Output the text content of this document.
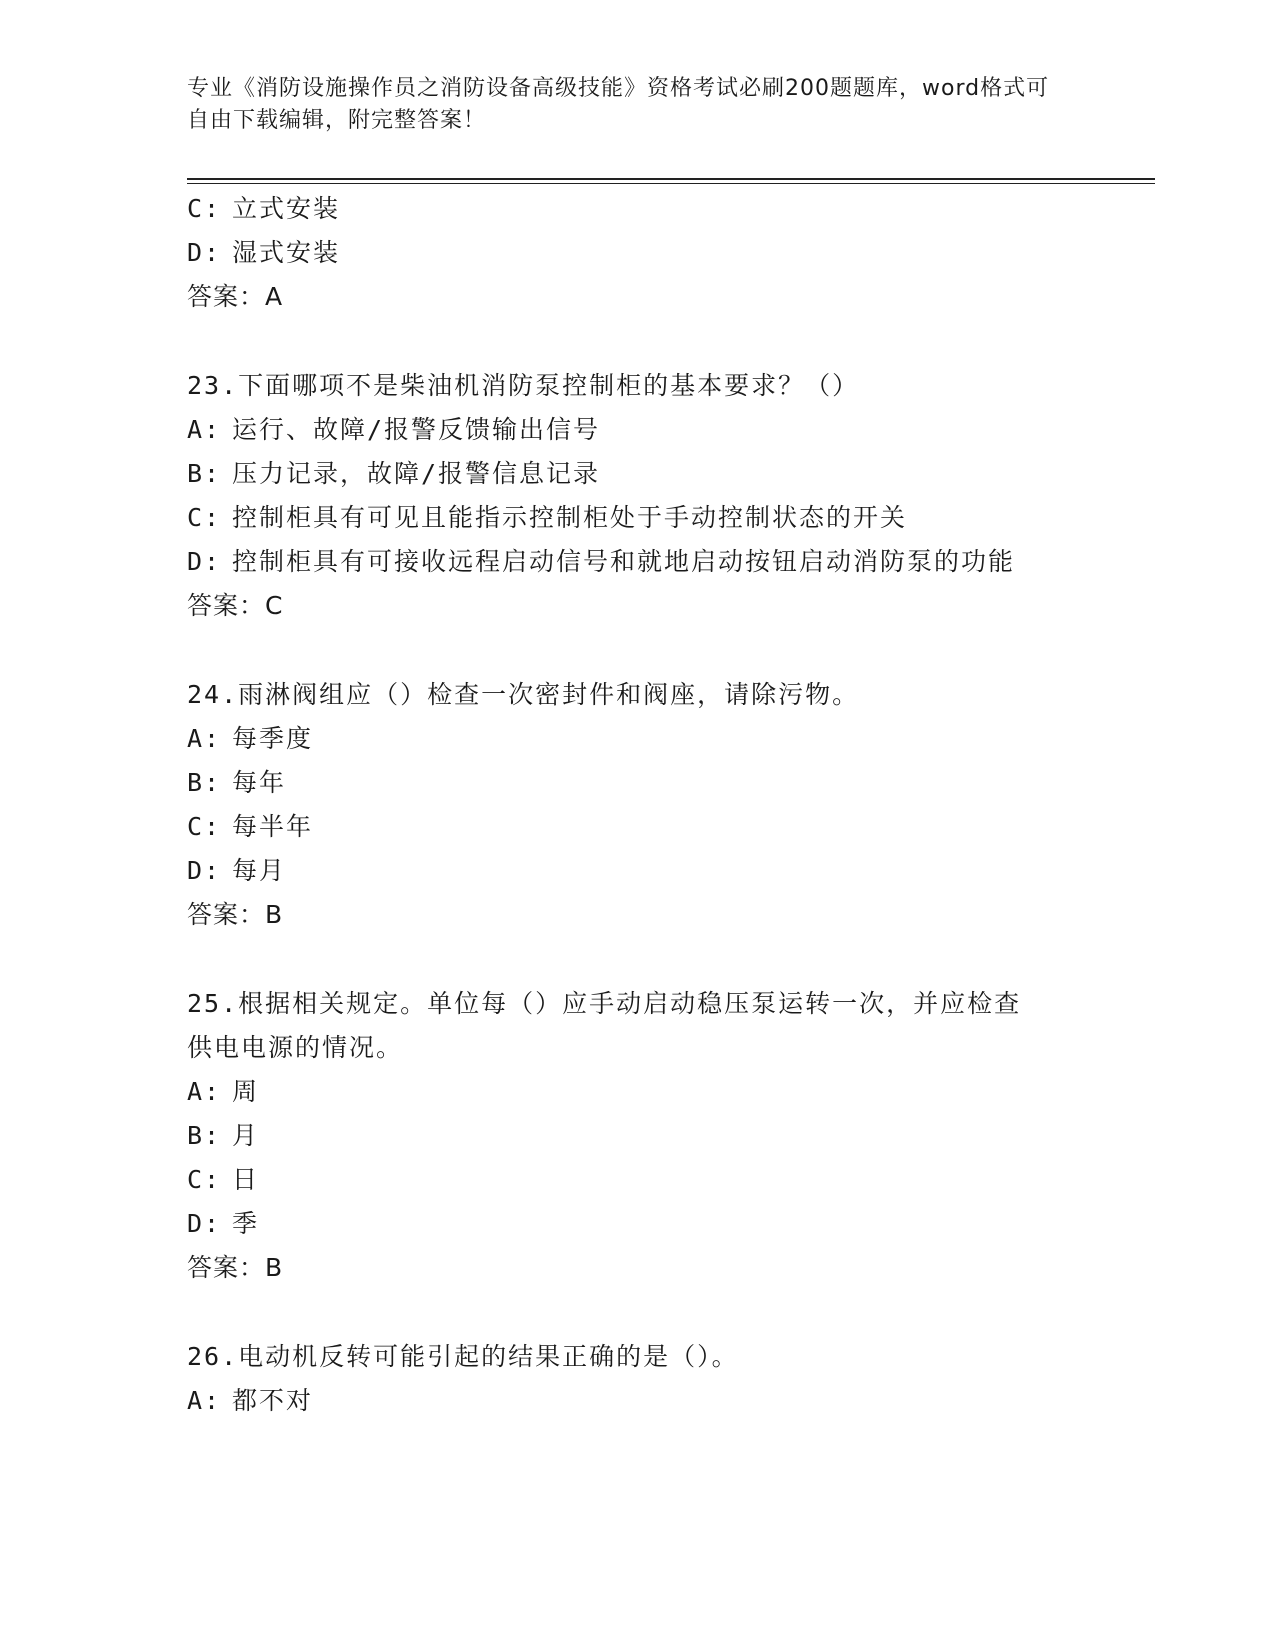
专业《消防设施操作员之消防设备高级技能》资格考试必刷200题题库，word格式可自由下载编辑，附完整答案！
C: 立式安装
D: 湿式安装
答案：A
23.下面哪项不是柴油机消防泵控制柜的基本要求？（）
A: 运行、故障/报警反馈输出信号
B: 压力记录，故障/报警信息记录
C: 控制柜具有可见且能指示控制柜处于手动控制状态的开关
D: 控制柜具有可接收远程启动信号和就地启动按钮启动消防泵的功能
答案：C
24.雨淋阀组应（）检查一次密封件和阀座，请除污物。
A: 每季度
B: 每年
C: 每半年
D: 每月
答案：B
25.根据相关规定。单位每（）应手动启动稳压泵运转一次，并应检查
供电电源的情况。
A: 周
B: 月
C: 日
D: 季
答案：B
26.电动机反转可能引起的结果正确的是（）。
A: 都不对
